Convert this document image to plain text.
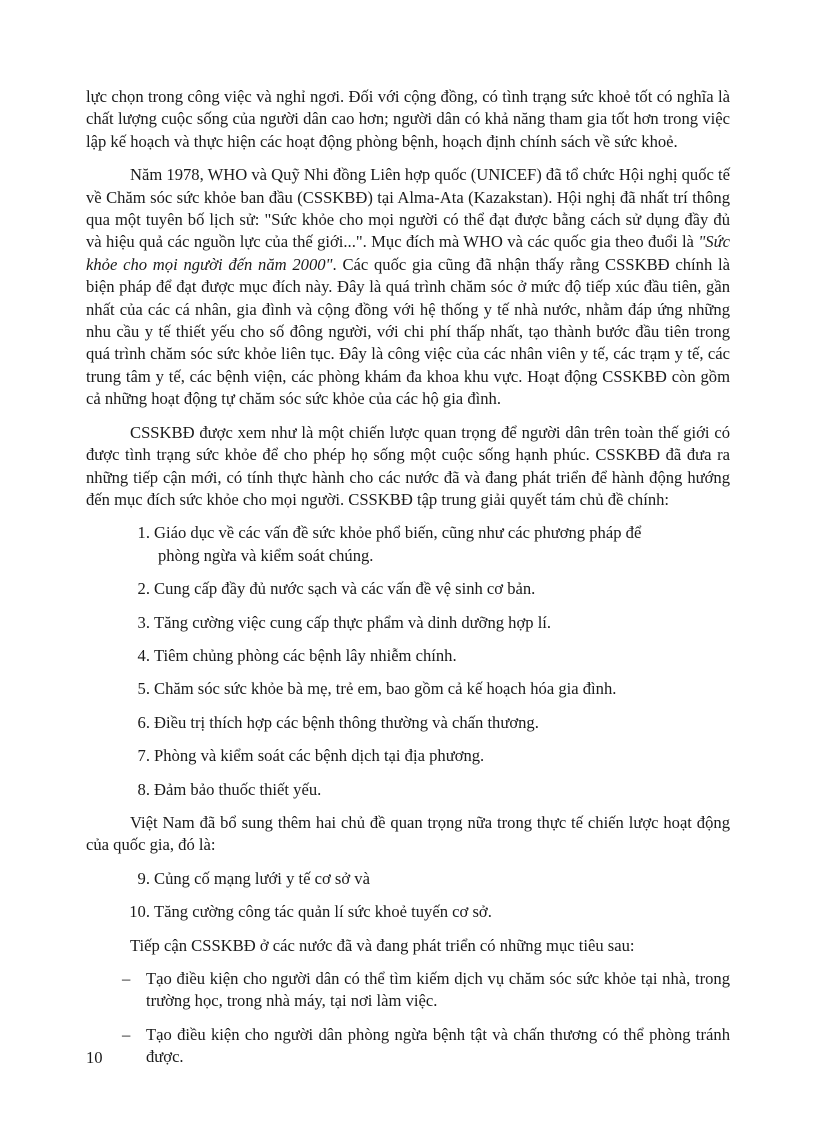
lực chọn trong công việc và nghỉ ngơi. Đối với cộng đồng, có tình trạng sức khoẻ tốt có nghĩa là chất lượng cuộc sống của người dân cao hơn; người dân có khả năng tham gia tốt hơn trong việc lập kế hoạch và thực hiện các hoạt động phòng bệnh, hoạch định chính sách về sức khoẻ.

Năm 1978, WHO và Quỹ Nhi đồng Liên hợp quốc (UNICEF) đã tổ chức Hội nghị quốc tế về Chăm sóc sức khỏe ban đầu (CSSKBĐ) tại Alma-Ata (Kazakstan). Hội nghị đã nhất trí thông qua một tuyên bố lịch sử: "Sức khỏe cho mọi người có thể đạt được bằng cách sử dụng đầy đủ và hiệu quả các nguồn lực của thế giới...". Mục đích mà WHO và các quốc gia theo đuổi là "Sức khỏe cho mọi người đến năm 2000". Các quốc gia cũng đã nhận thấy rằng CSSKBĐ chính là biện pháp để đạt được mục đích này. Đây là quá trình chăm sóc ở mức độ tiếp xúc đầu tiên, gần nhất của các cá nhân, gia đình và cộng đồng với hệ thống y tế nhà nước, nhằm đáp ứng những nhu cầu y tế thiết yếu cho số đông người, với chi phí thấp nhất, tạo thành bước đầu tiên trong quá trình chăm sóc sức khỏe liên tục. Đây là công việc của các nhân viên y tế, các trạm y tế, các trung tâm y tế, các bệnh viện, các phòng khám đa khoa khu vực. Hoạt động CSSKBĐ còn gồm cả những hoạt động tự chăm sóc sức khỏe của các hộ gia đình.

CSSKBĐ được xem như là một chiến lược quan trọng để người dân trên toàn thế giới có được tình trạng sức khỏe để cho phép họ sống một cuộc sống hạnh phúc. CSSKBĐ đã đưa ra những tiếp cận mới, có tính thực hành cho các nước đã và đang phát triển để hành động hướng đến mục đích sức khỏe cho mọi người. CSSKBĐ tập trung giải quyết tám chủ đề chính:

1. Giáo dục về các vấn đề sức khỏe phổ biến, cũng như các phương pháp để
phòng ngừa và kiểm soát chúng.
2. Cung cấp đầy đủ nước sạch và các vấn đề vệ sinh cơ bản.
3. Tăng cường việc cung cấp thực phẩm và dinh dưỡng hợp lí.
4. Tiêm chủng phòng các bệnh lây nhiễm chính.
5. Chăm sóc sức khỏe bà mẹ, trẻ em, bao gồm cả kế hoạch hóa gia đình.
6. Điều trị thích hợp các bệnh thông thường và chấn thương.
7. Phòng và kiểm soát các bệnh dịch tại địa phương.
8. Đảm bảo thuốc thiết yếu.

Việt Nam đã bổ sung thêm hai chủ đề quan trọng nữa trong thực tế chiến lược hoạt động của quốc gia, đó là:

9. Củng cố mạng lưới y tế cơ sở và
10. Tăng cường công tác quản lí sức khoẻ tuyến cơ sở.

Tiếp cận CSSKBĐ ở các nước đã và đang phát triển có những mục tiêu sau:

– Tạo điều kiện cho người dân có thể tìm kiếm dịch vụ chăm sóc sức khỏe tại nhà, trong trường học, trong nhà máy, tại nơi làm việc.
– Tạo điều kiện cho người dân phòng ngừa bệnh tật và chấn thương có thể phòng tránh được.
10
